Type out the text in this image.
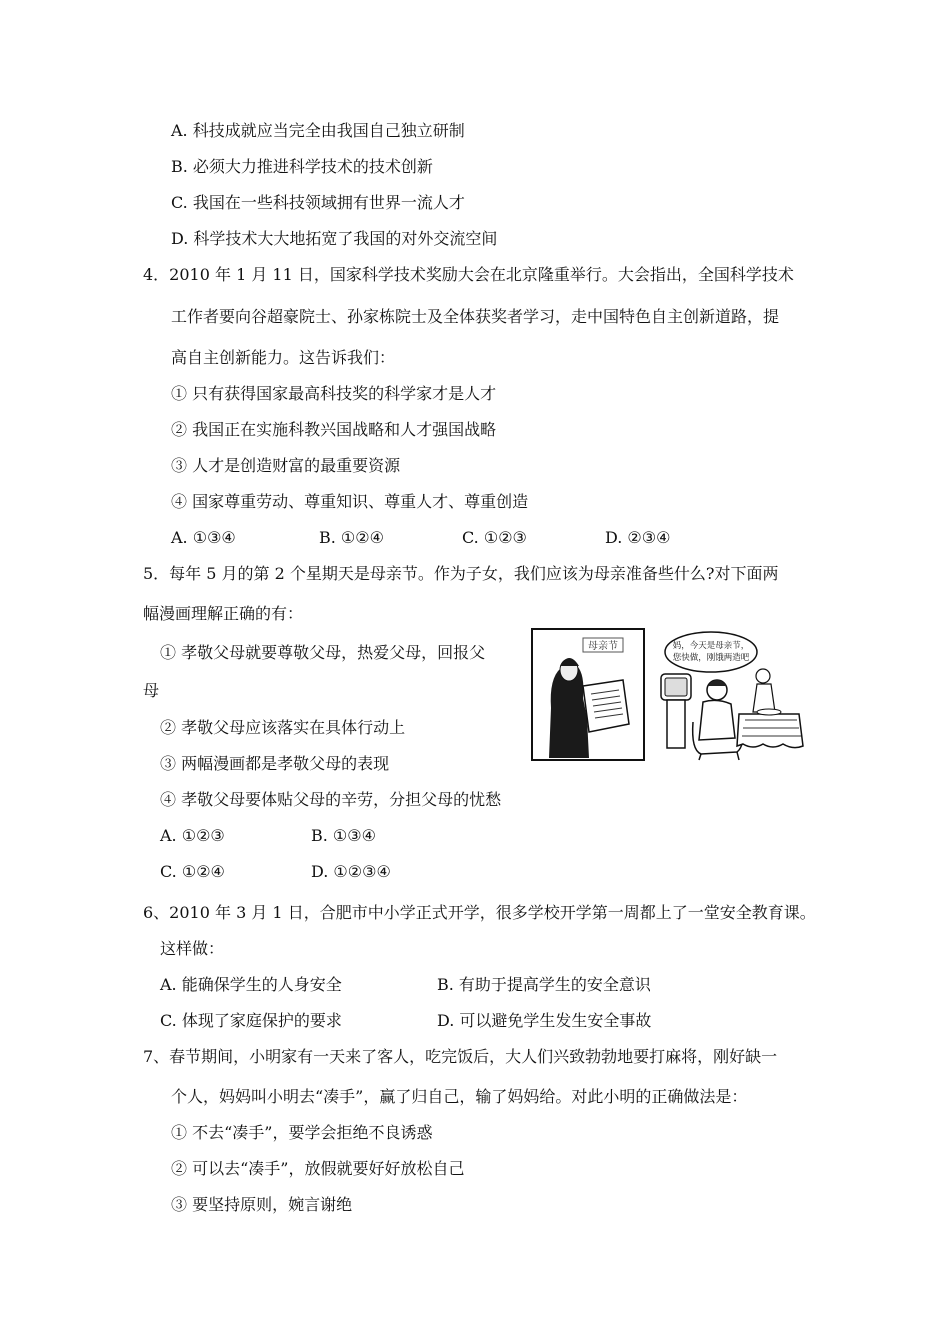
A. 科技成就应当完全由我国自己独立研制
B. 必须大力推进科学技术的技术创新
C. 我国在一些科技领域拥有世界一流人才
D. 科学技术大大地拓宽了我国的对外交流空间
4．2010 年 1 月 11 日，国家科学技术奖励大会在北京隆重举行。大会指出，全国科学技术
工作者要向谷超豪院士、孙家栋院士及全体获奖者学习，走中国特色自主创新道路，提
高自主创新能力。这告诉我们：
① 只有获得国家最高科技奖的科学家才是人才
② 我国正在实施科教兴国战略和人才强国战略
③ 人才是创造财富的最重要资源
④ 国家尊重劳动、尊重知识、尊重人才、尊重创造
A. ①③④	B. ①②④	C. ①②③	D. ②③④
5．每年 5 月的第 2 个星期天是母亲节。作为子女，我们应该为母亲准备些什么?对下面两
幅漫画理解正确的有：
① 孝敬父母就要尊敬父母，热爱父母，回报父
母
② 孝敬父母应该落实在具体行动上
③ 两幅漫画都是孝敬父母的表现
④ 孝敬父母要体贴父母的辛劳，分担父母的忧愁
A. ①②③	B. ①③④
C. ①②④	D. ①②③④
母亲节	妈，今天是母亲节，
您快做，刚饿两造吧
6、2010 年 3 月 1 日，合肥市中小学正式开学，很多学校开学第一周都上了一堂安全教育课。
这样做：
A. 能确保学生的人身安全	B. 有助于提高学生的安全意识
C. 体现了家庭保护的要求	D. 可以避免学生发生安全事故
7、春节期间，小明家有一天来了客人，吃完饭后，大人们兴致勃勃地要打麻将，刚好缺一
个人，妈妈叫小明去“凑手”，赢了归自己，输了妈妈给。对此小明的正确做法是：
① 不去“凑手”，要学会拒绝不良诱惑
② 可以去“凑手”，放假就要好好放松自己
③ 要坚持原则，婉言谢绝
